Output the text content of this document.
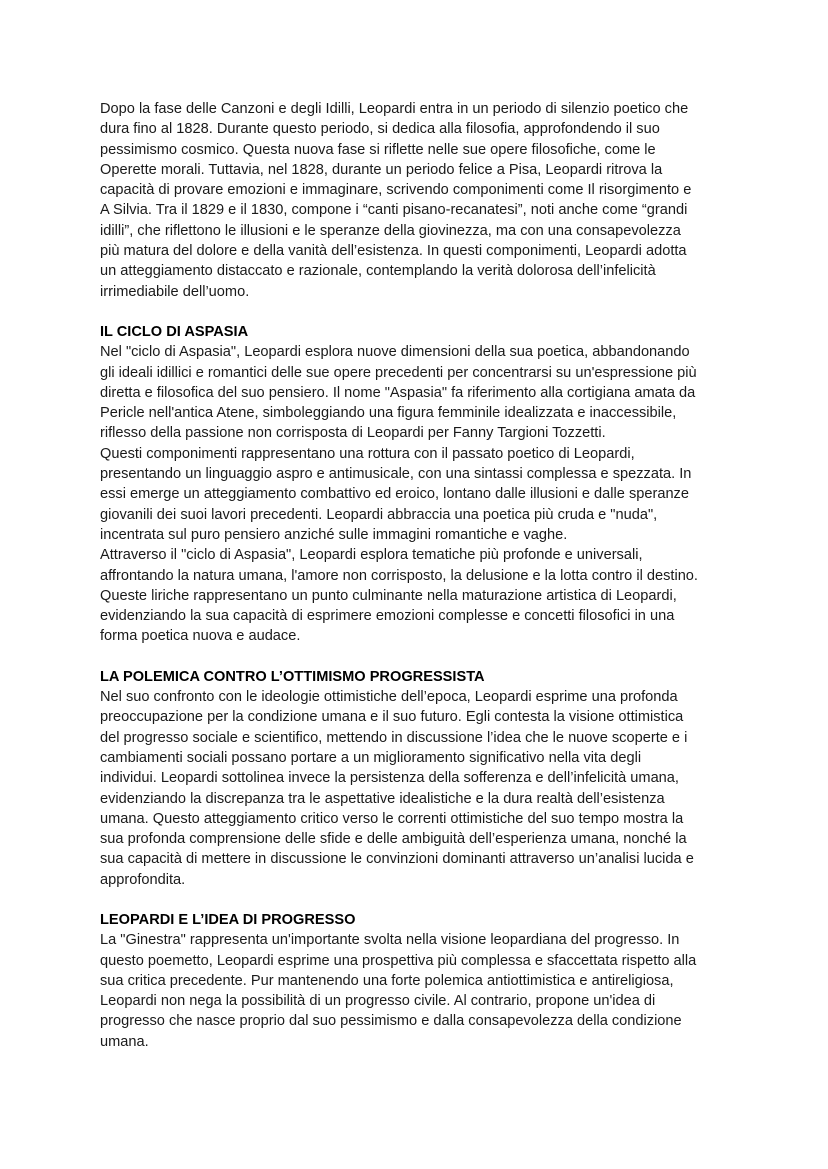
Dopo la fase delle Canzoni e degli Idilli, Leopardi entra in un periodo di silenzio poetico che
dura fino al 1828. Durante questo periodo, si dedica alla filosofia, approfondendo il suo
pessimismo cosmico. Questa nuova fase si riflette nelle sue opere filosofiche, come le
Operette morali. Tuttavia, nel 1828, durante un periodo felice a Pisa, Leopardi ritrova la
capacità di provare emozioni e immaginare, scrivendo componimenti come Il risorgimento e
A Silvia. Tra il 1829 e il 1830, compone i “canti pisano-recanatesi”, noti anche come “grandi
idilli”, che riflettono le illusioni e le speranze della giovinezza, ma con una consapevolezza
più matura del dolore e della vanità dell’esistenza. In questi componimenti, Leopardi adotta
un atteggiamento distaccato e razionale, contemplando la verità dolorosa dell’infelicità
irrimediabile dell’uomo.

IL CICLO DI ASPASIA

Nel "ciclo di Aspasia", Leopardi esplora nuove dimensioni della sua poetica, abbandonando
gli ideali idillici e romantici delle sue opere precedenti per concentrarsi su un'espressione più
diretta e filosofica del suo pensiero. Il nome "Aspasia" fa riferimento alla cortigiana amata da
Pericle nell'antica Atene, simboleggiando una figura femminile idealizzata e inaccessibile,
riflesso della passione non corrisposta di Leopardi per Fanny Targioni Tozzetti.
Questi componimenti rappresentano una rottura con il passato poetico di Leopardi,
presentando un linguaggio aspro e antimusicale, con una sintassi complessa e spezzata. In
essi emerge un atteggiamento combattivo ed eroico, lontano dalle illusioni e dalle speranze
giovanili dei suoi lavori precedenti. Leopardi abbraccia una poetica più cruda e "nuda",
incentrata sul puro pensiero anziché sulle immagini romantiche e vaghe.
Attraverso il "ciclo di Aspasia", Leopardi esplora tematiche più profonde e universali,
affrontando la natura umana, l'amore non corrisposto, la delusione e la lotta contro il destino.
Queste liriche rappresentano un punto culminante nella maturazione artistica di Leopardi,
evidenziando la sua capacità di esprimere emozioni complesse e concetti filosofici in una
forma poetica nuova e audace.

LA POLEMICA CONTRO L’OTTIMISMO PROGRESSISTA

Nel suo confronto con le ideologie ottimistiche dell’epoca, Leopardi esprime una profonda
preoccupazione per la condizione umana e il suo futuro. Egli contesta la visione ottimistica
del progresso sociale e scientifico, mettendo in discussione l’idea che le nuove scoperte e i
cambiamenti sociali possano portare a un miglioramento significativo nella vita degli
individui. Leopardi sottolinea invece la persistenza della sofferenza e dell’infelicità umana,
evidenziando la discrepanza tra le aspettative idealistiche e la dura realtà dell’esistenza
umana. Questo atteggiamento critico verso le correnti ottimistiche del suo tempo mostra la
sua profonda comprensione delle sfide e delle ambiguità dell’esperienza umana, nonché la
sua capacità di mettere in discussione le convinzioni dominanti attraverso un’analisi lucida e
approfondita.

LEOPARDI E L’IDEA DI PROGRESSO

La "Ginestra" rappresenta un'importante svolta nella visione leopardiana del progresso. In
questo poemetto, Leopardi esprime una prospettiva più complessa e sfaccettata rispetto alla
sua critica precedente. Pur mantenendo una forte polemica antiottimistica e antireligiosa,
Leopardi non nega la possibilità di un progresso civile. Al contrario, propone un'idea di
progresso che nasce proprio dal suo pessimismo e dalla consapevolezza della condizione
umana.
